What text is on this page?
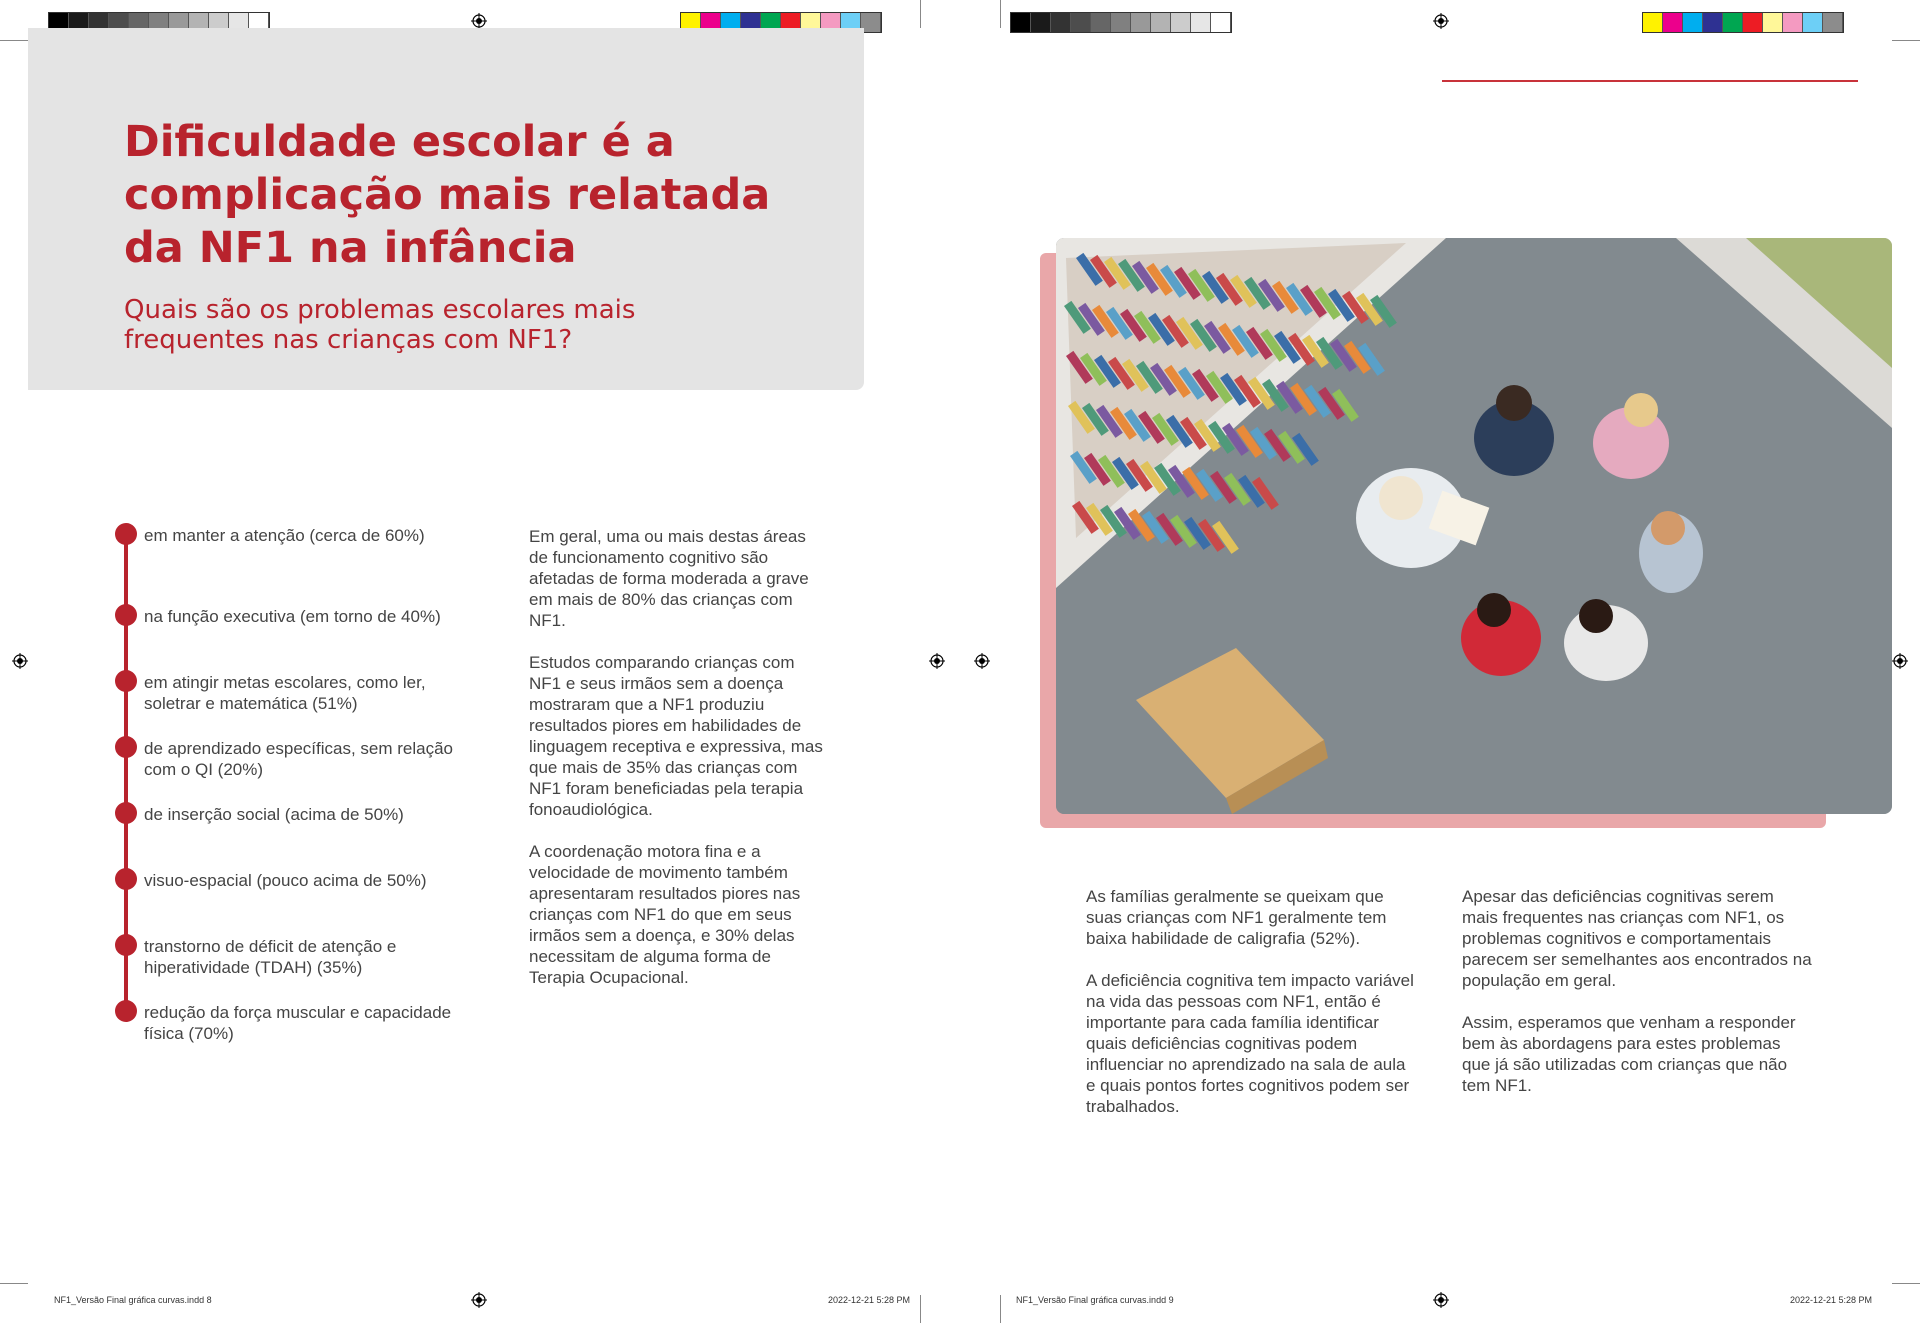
Dificuldade escolar é a complicação mais relatada da NF1 na infância
Quais são os problemas escolares mais frequentes nas crianças com NF1?
em manter a atenção (cerca de 60%)
na função executiva (em torno de 40%)
em atingir metas escolares, como ler, soletrar e matemática (51%)
de aprendizado específicas, sem relação com o QI (20%)
de inserção social (acima de 50%)
visuo-espacial (pouco acima de 50%)
transtorno de déficit de atenção e hiperatividade (TDAH) (35%)
redução da força muscular e capacidade física (70%)

Em geral, uma ou mais destas áreas de funcionamento cognitivo são afetadas de forma moderada a grave em mais de 80% das crianças com NF1.

Estudos comparando crianças com NF1 e seus irmãos sem a doença mostraram que a NF1 produziu resultados piores em habilidades de linguagem receptiva e expressiva, mas que mais de 35% das crianças com NF1 foram beneficiadas pela terapia fonoaudiológica.

A coordenação motora fina e a velocidade de movimento também apresentaram resultados piores nas crianças com NF1 do que em seus irmãos sem a doença, e 30% delas necessitam de alguma forma de Terapia Ocupacional.

NF1_Versão Final gráfica curvas.indd 8	2022-12-21 5:28 PM

As famílias geralmente se queixam que suas crianças com NF1 geralmente tem baixa habilidade de caligrafia (52%).

A deficiência cognitiva tem impacto variável na vida das pessoas com NF1, então é importante para cada família identificar quais deficiências cognitivas podem influenciar no aprendizado na sala de aula e quais pontos fortes cognitivos podem ser trabalhados.

Apesar das deficiências cognitivas serem mais frequentes nas crianças com NF1, os problemas cognitivos e comportamentais parecem ser semelhantes aos encontrados na população em geral.

Assim, esperamos que venham a responder bem às abordagens para estes problemas que já são utilizadas com crianças que não tem NF1.

NF1_Versão Final gráfica curvas.indd 9	2022-12-21 5:28 PM
